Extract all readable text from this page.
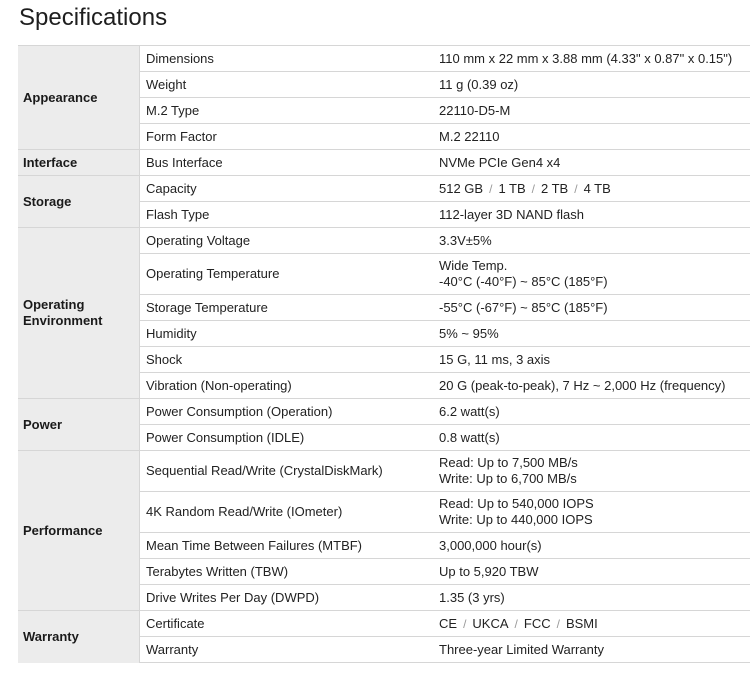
Specifications
Appearance	Dimensions	110 mm x 22 mm x 3.88 mm (4.33" x 0.87" x 0.15")
	Weight	11 g (0.39 oz)
	M.2 Type	22110-D5-M
	Form Factor	M.2 22110
Interface	Bus Interface	NVMe PCIe Gen4 x4
Storage	Capacity	512 GB / 1 TB / 2 TB / 4 TB
	Flash Type	112-layer 3D NAND flash

Operating
Environment	Operating Voltage	3.3V±5%
	Operating Temperature	Wide Temp.
-40°C (-40°F) ~ 85°C (185°F)

	Storage Temperature	-55°C (-67°F) ~ 85°C (185°F)
	Humidity	5% ~ 95%
	Shock	15 G, 11 ms, 3 axis
	Vibration (Non-operating)	20 G (peak-to-peak), 7 Hz ~ 2,000 Hz (frequency)
Power	Power Consumption (Operation)	6.2 watt(s)
	Power Consumption (IDLE)	0.8 watt(s)
Performance	Sequential Read/Write (CrystalDiskMark)	Read: Up to 7,500 MB/s
Write: Up to 6,700 MB/s

	4K Random Read/Write (IOmeter)	Read: Up to 540,000 IOPS
Write: Up to 440,000 IOPS

	Mean Time Between Failures (MTBF)	3,000,000 hour(s)
	Terabytes Written (TBW)	Up to 5,920 TBW
	Drive Writes Per Day (DWPD)	1.35 (3 yrs)
Warranty	Certificate	CE / UKCA / FCC / BSMI
	Warranty	Three-year Limited Warranty
